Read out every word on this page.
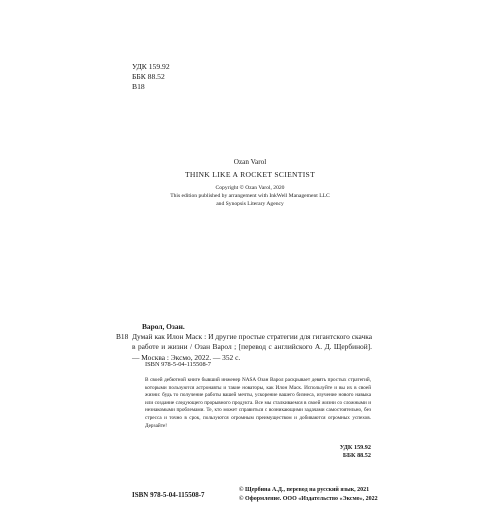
УДК 159.92
ББК 88.52
В18
Ozan Varol
THINK LIKE A ROCKET SCIENTIST
Copyright © Ozan Varol, 2020
This edition published by arrangement with InkWell Management LLC
and Synopsis Literary Agency
Варол, Озан.
В18 Думай как Илон Маск : И другие простые стратегии для гигантского скачка в работе и жизни / Озан Варол ; [перевод с английского А. Д. Щербиной]. — Москва : Эксмо, 2022. — 352 с.
ISBN 978-5-04-115508-7
В своей дебютной книге бывший инженер NASA Озан Варол раскрывает девять простых стратегий, которыми пользуются астронавты и такие новаторы, как Илон Маск. Используйте и вы их в своей жизни: будь то получение работы вашей мечты, ускорение вашего бизнеса, изучение нового навыка или создание следующего прорывного продукта. Все мы сталкиваемся в своей жизни со сложными и незнакомыми проблемами. Те, кто может справиться с возникающими задачами самостоятельно, без стресса и точно в срок, пользуются огромным преимуществом и добиваются огромных успехов. Дерзайте!
УДК 159.92
ББК 88.52
ISBN 978-5-04-115508-7
© Щербина А.Д., перевод на русский язык, 2021
© Оформление. ООО «Издательство «Эксмо», 2022
